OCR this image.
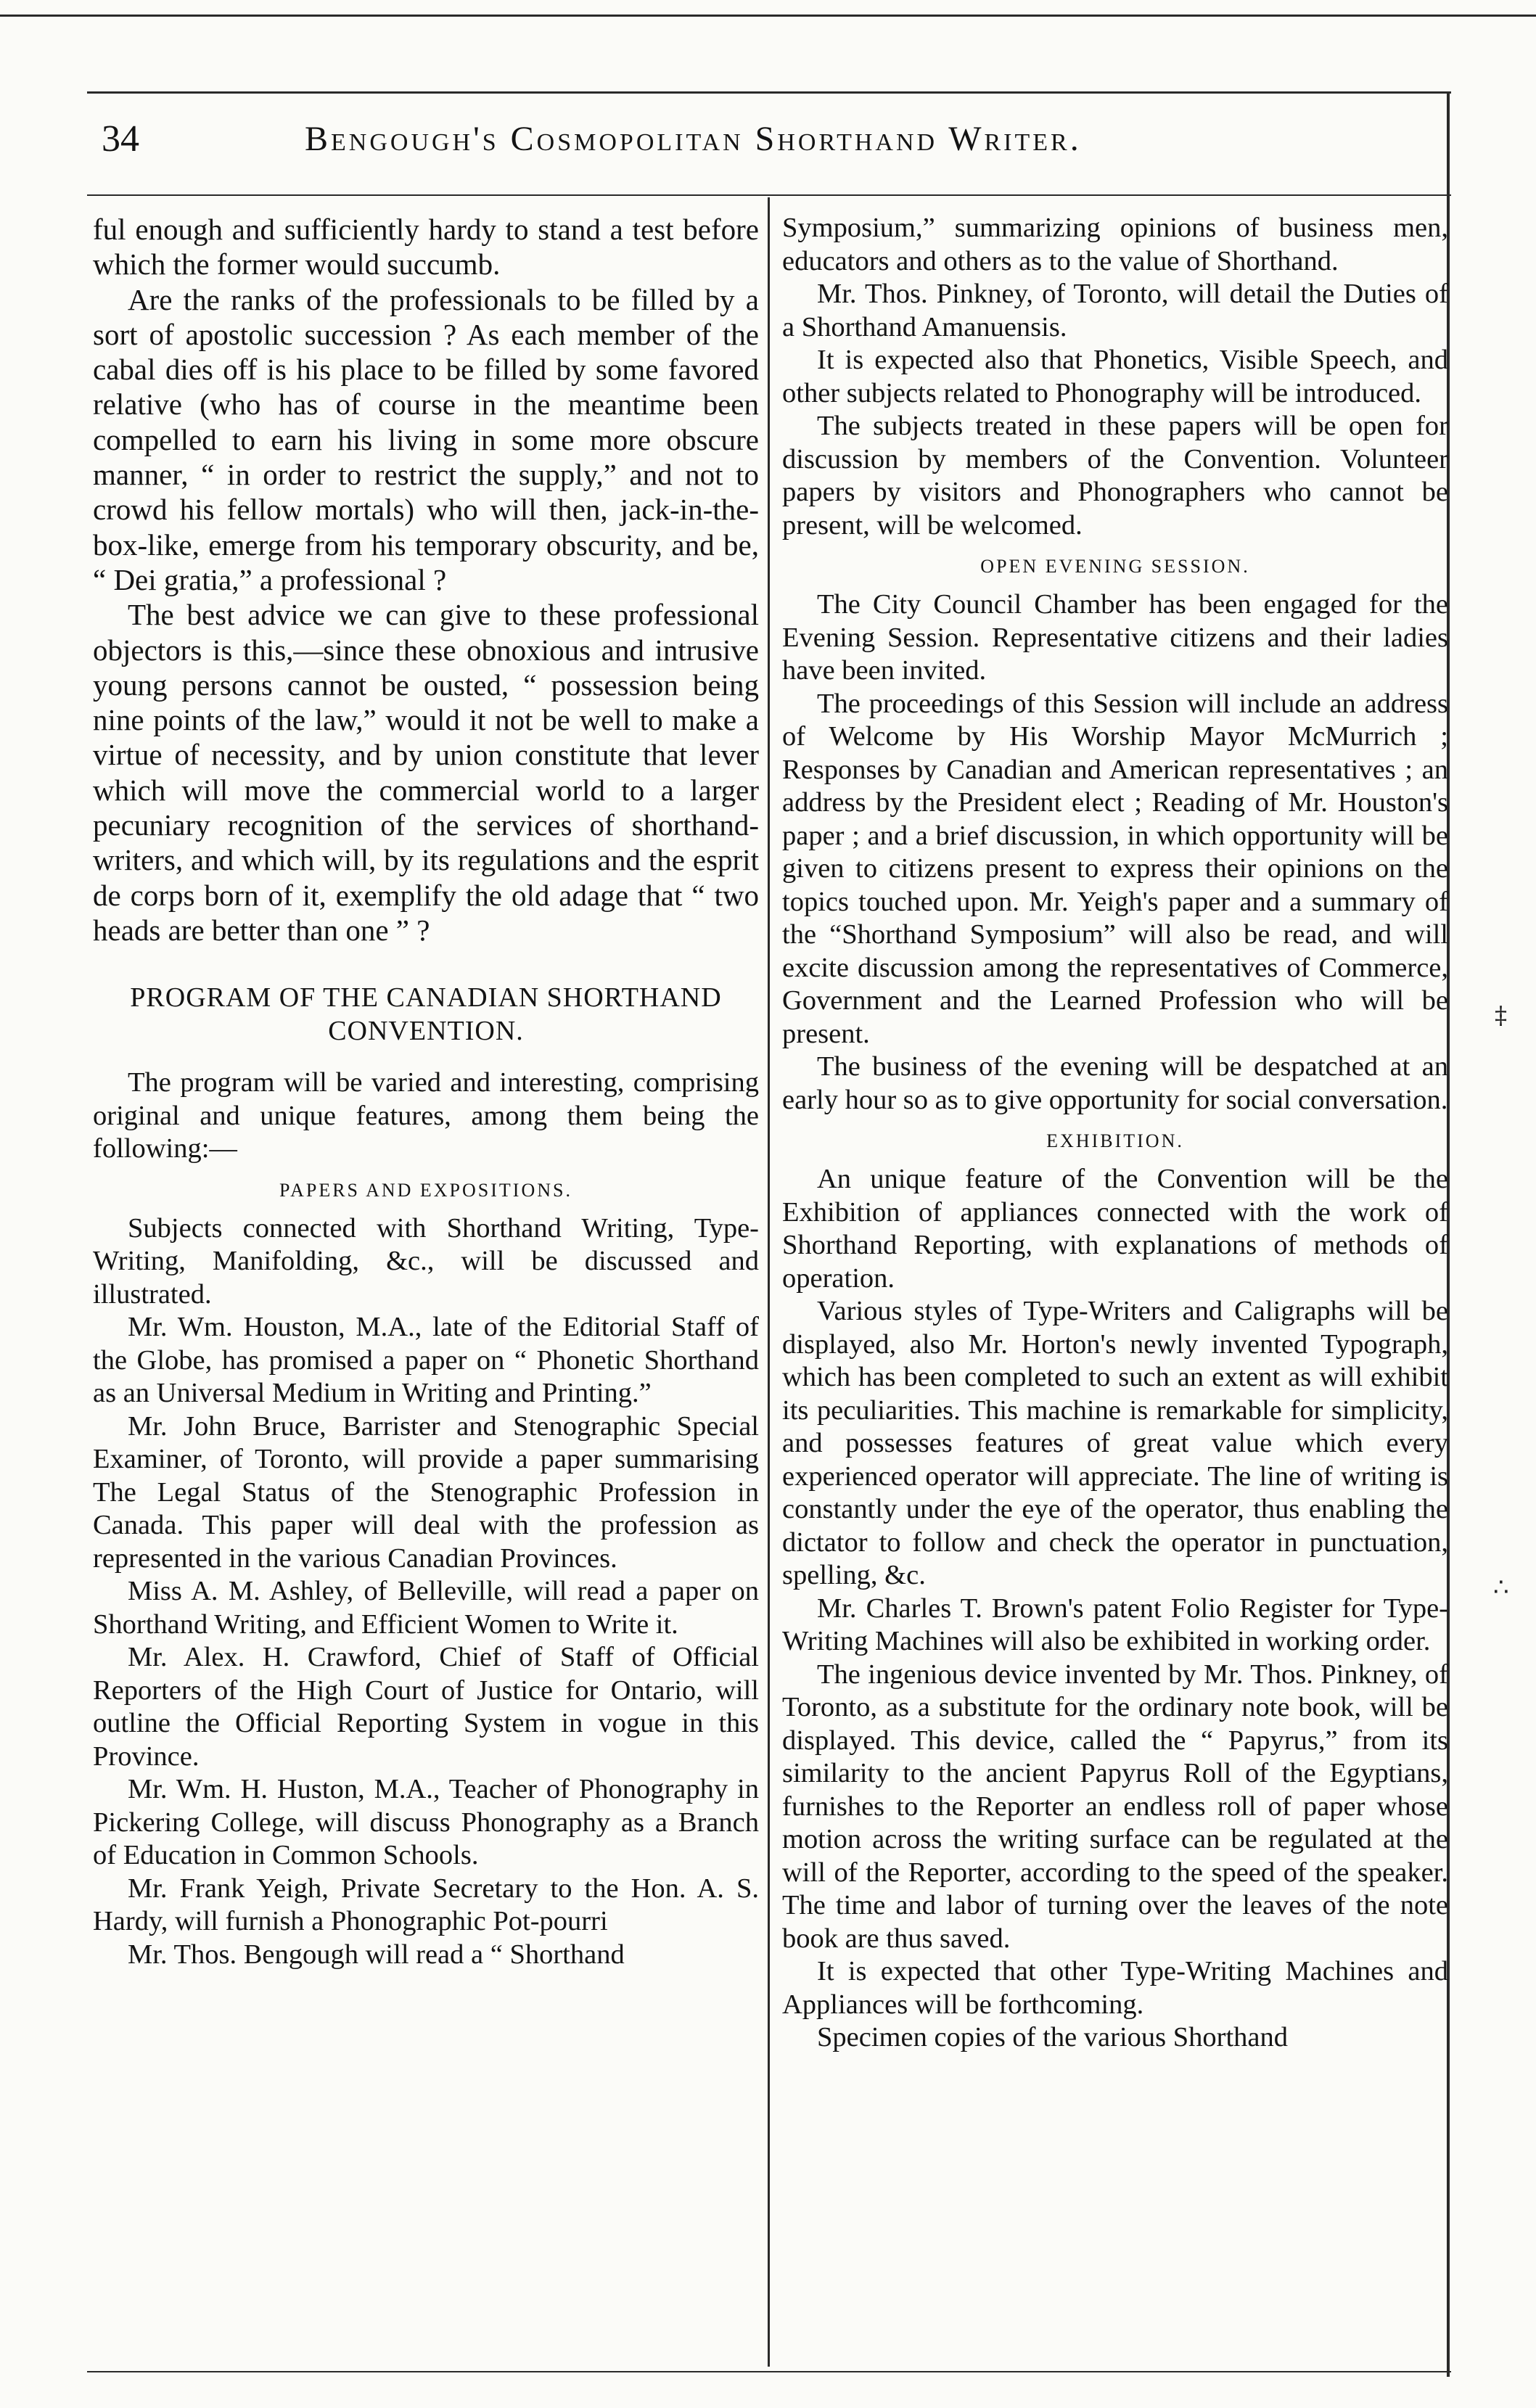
‡
∴
34	Bengough's Cosmopolitan Shorthand Writer.

ful enough and sufficiently hardy to stand a test before which the former would succumb.

Are the ranks of the professionals to be filled by a sort of apostolic succession ? As each member of the cabal dies off is his place to be filled by some favored relative (who has of course in the meantime been compelled to earn his living in some more obscure manner, “ in order to restrict the supply,” and not to crowd his fellow mortals) who will then, jack-in-the-box-like, emerge from his temporary obscurity, and be, “ Dei gratia,” a professional ?

The best advice we can give to these professional objectors is this,—since these obnoxious and intrusive young persons cannot be ousted, “ possession being nine points of the law,” would it not be well to make a virtue of necessity, and by union constitute that lever which will move the commercial world to a larger pecuniary recognition of the services of shorthand-writers, and which will, by its regulations and the esprit de corps born of it, exemplify the old adage that “ two heads are better than one ” ?

PROGRAM OF THE CANADIAN SHORTHAND CONVENTION.

The program will be varied and interesting, comprising original and unique features, among them being the following:—

PAPERS AND EXPOSITIONS.

Subjects connected with Shorthand Writing, Type-Writing, Manifolding, &c., will be discussed and illustrated.

Mr. Wm. Houston, M.A., late of the Editorial Staff of the Globe, has promised a paper on “ Phonetic Shorthand as an Universal Medium in Writing and Printing.”

Mr. John Bruce, Barrister and Stenographic Special Examiner, of Toronto, will provide a paper summarising The Legal Status of the Stenographic Profession in Canada. This paper will deal with the profession as represented in the various Canadian Provinces.

Miss A. M. Ashley, of Belleville, will read a paper on Shorthand Writing, and Efficient Women to Write it.

Mr. Alex. H. Crawford, Chief of Staff of Official Reporters of the High Court of Justice for Ontario, will outline the Official Reporting System in vogue in this Province.

Mr. Wm. H. Huston, M.A., Teacher of Phonography in Pickering College, will discuss Phonography as a Branch of Education in Common Schools.

Mr. Frank Yeigh, Private Secretary to the Hon. A. S. Hardy, will furnish a Phonographic Pot-pourri

Mr. Thos. Bengough will read a “ Shorthand

Symposium,” summarizing opinions of business men, educators and others as to the value of Shorthand.

Mr. Thos. Pinkney, of Toronto, will detail the Duties of a Shorthand Amanuensis.

It is expected also that Phonetics, Visible Speech, and other subjects related to Phonography will be introduced.

The subjects treated in these papers will be open for discussion by members of the Convention. Volunteer papers by visitors and Phonographers who cannot be present, will be welcomed.

OPEN EVENING SESSION.

The City Council Chamber has been engaged for the Evening Session. Representative citizens and their ladies have been invited.

The proceedings of this Session will include an address of Welcome by His Worship Mayor McMurrich ; Responses by Canadian and American representatives ; an address by the President elect ; Reading of Mr. Houston's paper ; and a brief discussion, in which opportunity will be given to citizens present to express their opinions on the topics touched upon. Mr. Yeigh's paper and a summary of the “Shorthand Symposium” will also be read, and will excite discussion among the representatives of Commerce, Government and the Learned Profession who will be present.

The business of the evening will be despatched at an early hour so as to give opportunity for social conversation.

EXHIBITION.

An unique feature of the Convention will be the Exhibition of appliances connected with the work of Shorthand Reporting, with explanations of methods of operation.

Various styles of Type-Writers and Caligraphs will be displayed, also Mr. Horton's newly invented Typograph, which has been completed to such an extent as will exhibit its peculiarities. This machine is remarkable for simplicity, and possesses features of great value which every experienced operator will appreciate. The line of writing is constantly under the eye of the operator, thus enabling the dictator to follow and check the operator in punctuation, spelling, &c.

Mr. Charles T. Brown's patent Folio Register for Type-Writing Machines will also be exhibited in working order.

The ingenious device invented by Mr. Thos. Pinkney, of Toronto, as a substitute for the ordinary note book, will be displayed. This device, called the “ Papyrus,” from its similarity to the ancient Papyrus Roll of the Egyptians, furnishes to the Reporter an endless roll of paper whose motion across the writing surface can be regulated at the will of the Reporter, according to the speed of the speaker. The time and labor of turning over the leaves of the note book are thus saved.

It is expected that other Type-Writing Machines and Appliances will be forthcoming.

Specimen copies of the various Shorthand
